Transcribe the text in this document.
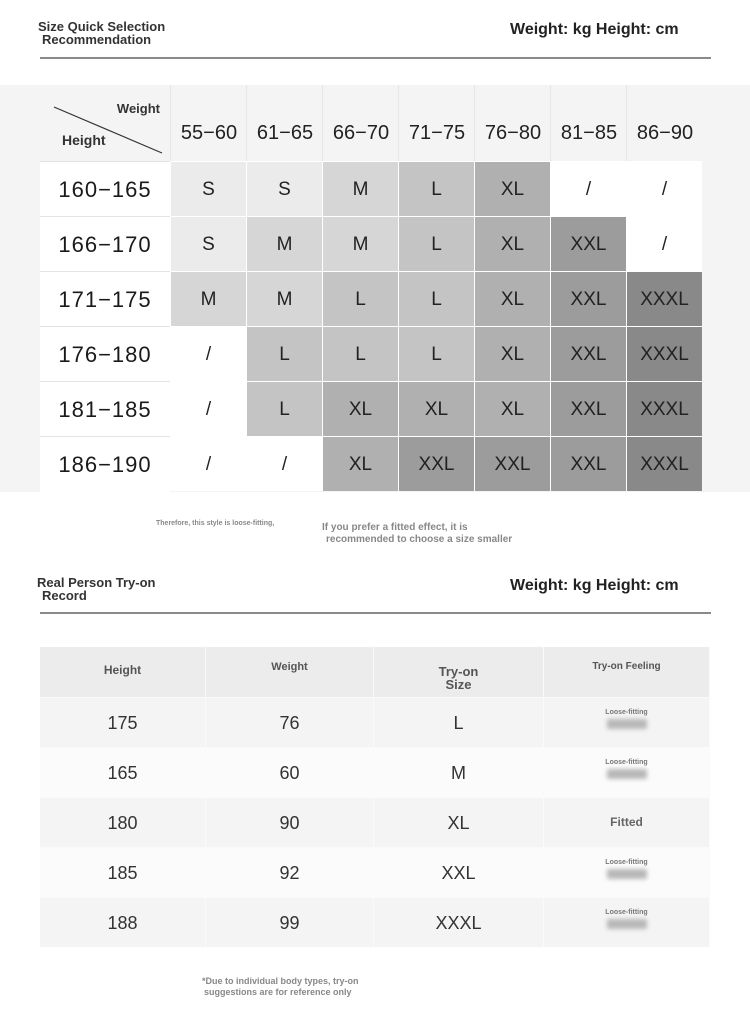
Size Quick Selection
Recommendation
Weight: kg Height: cm
Weight
Height	55−60 61−65 66−70 71−75 76−80 81−85 86−90
160−165	S	S	M	L	XL	/	/
166−170	S	M	M	L	XL	XXL	/
171−175	M	M	L	L	XL	XXL	XXXL
176−180	/	L	L	L	XL	XXL	XXXL
181−185	/	L	XL	XL	XL	XXL	XXXL
186−190	/	/	XL	XXL	XXL	XXL	XXXL
Therefore, this style is loose-fitting,	If you prefer a fitted effect, it is
recommended to choose a size smaller
Real Person Try-on
Record
Weight: kg Height: cm
Height	Weight	Try-on
Size
Try-on Feeling
175	76	L
Loose-fitting
165	60	M
Loose-fitting
180	90	XL	Fitted
185	92	XXL
Loose-fitting
188	99	XXXL
Loose-fitting
*Due to individual body types, try-on
suggestions are for reference only
